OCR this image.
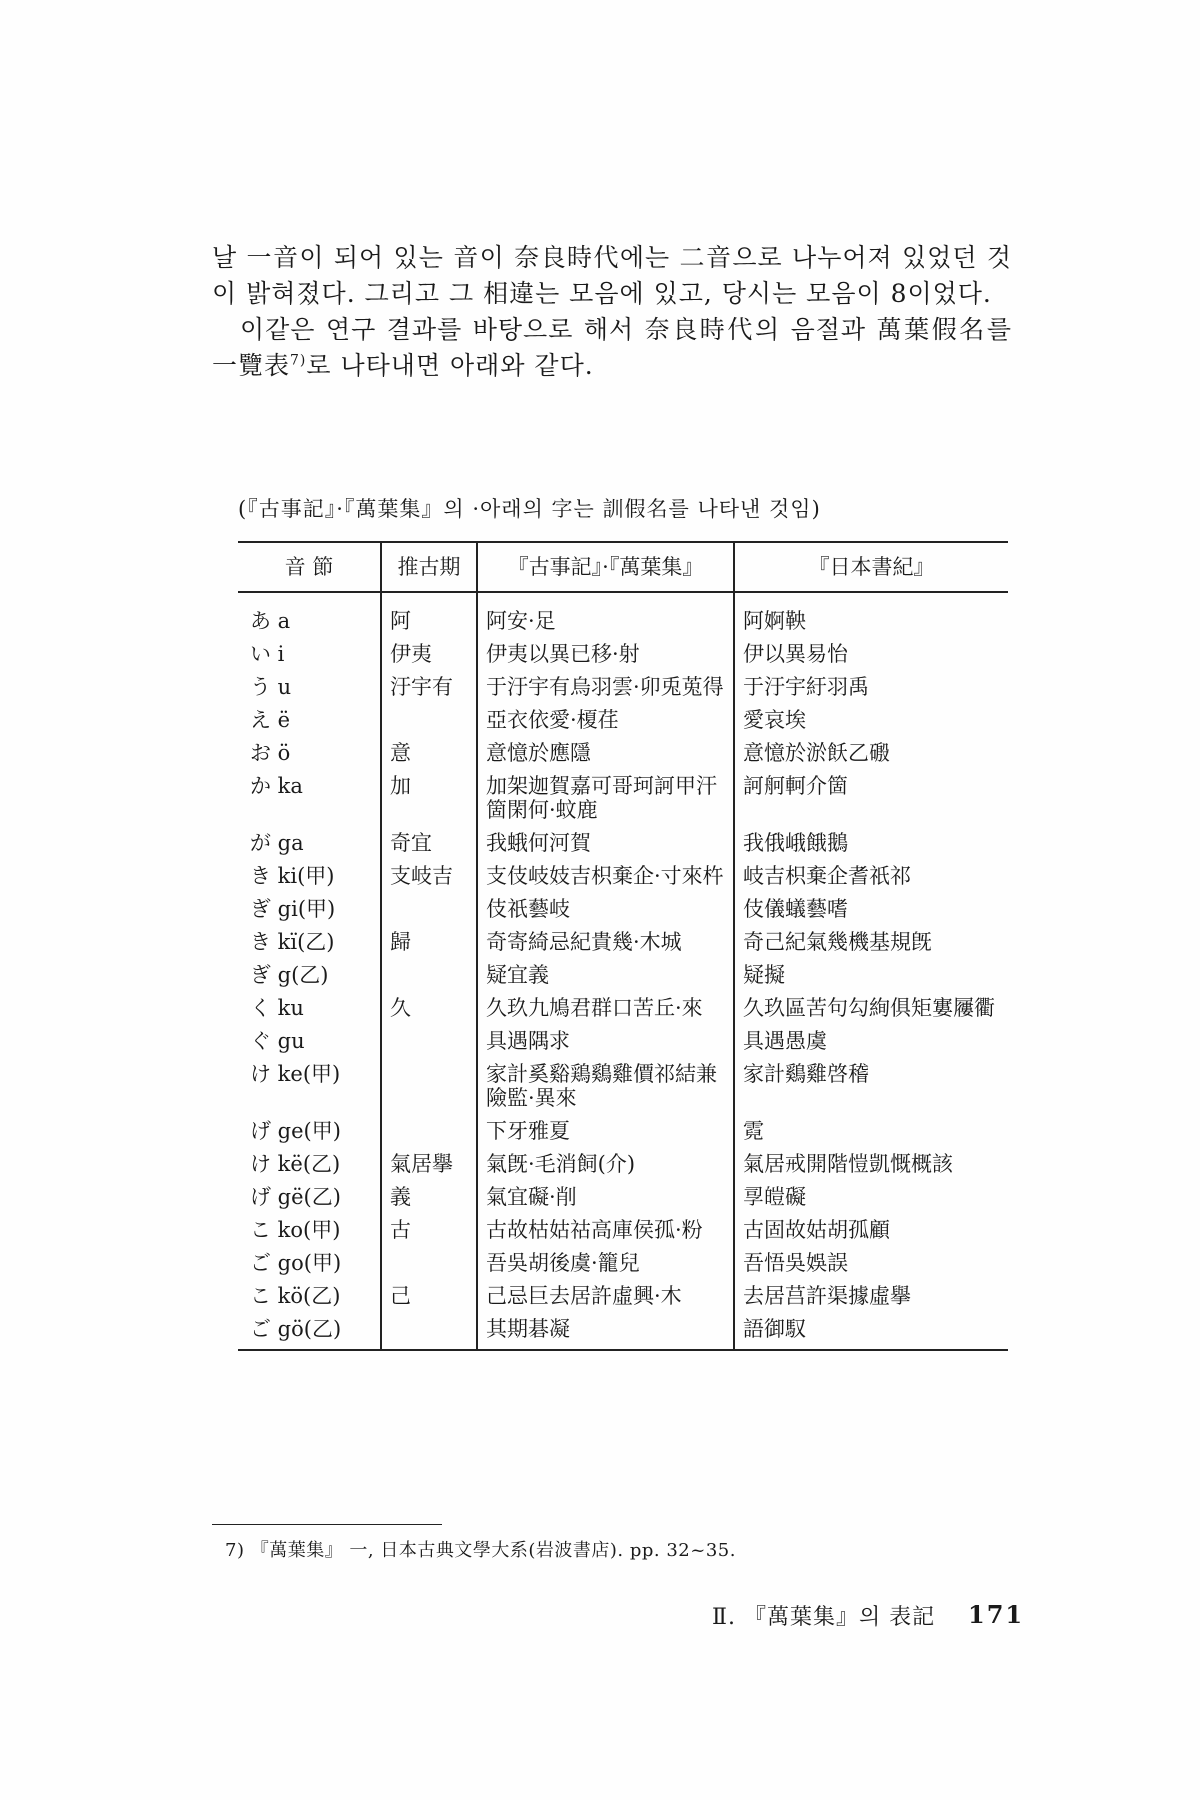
날 一音이 되어 있는 音이 奈良時代에는 二音으로 나누어져 있었던 것이 밝혀졌다. 그리고 그 相違는 모음에 있고, 당시는 모음이 8이었다.

이같은 연구 결과를 바탕으로 해서 奈良時代의 음절과 萬葉假名를 一覽表$^{7)}$로 나타내면 아래와 같다.

(『古事記』·『萬葉集』의 ·아래의 字는 訓假名를 나타낸 것임)
音 節	推古期	『古事記』·『萬葉集』	『日本書紀』
あ a	阿	阿安·足	阿婀鞅
い i	伊夷	伊夷以異已移·射	伊以異易怡
う u	汙宇有	于汙宇有烏羽雲·卯兎莵得	于汙宇紆羽禹
え ë		亞衣依愛·榎荏	愛哀埃
お ö	意	意憶於應隱	意憶於淤飫乙磤
か ka	加	加架迦賀嘉可哥珂訶甲汗箇閑何·蚊鹿	訶舸軻介箇
が ga	奇宜	我蛾何河賀	我俄峨餓鵝
き ki(甲)	支岐吉	支伎岐妓吉枳棄企·寸來杵	岐吉枳棄企耆祇祁
ぎ gi(甲)		伎祇藝岐	伎儀蟻藝嗜
き kï(乙)	歸	奇寄綺忌紀貴幾·木城	奇己紀氣幾機基規旣
ぎ g(乙)		疑宜義	疑擬
く ku	久	久玖九鳩君群口苦丘·來	久玖區苦句勾絢俱矩寠屨衢
ぐ gu		具遇隅求	具遇愚虞
け ke(甲)		家計奚谿鶏鷄雞價祁結兼險監·異來	家計鷄雞啓稽
げ ge(甲)		下牙雅夏	霓
け kë(乙)	氣居擧	氣旣·毛消飼(介)	氣居戒開階愷凱慨概該
げ gë(乙)	義	氣宜礙·削	孠皚礙
こ ko(甲)	古	古故枯姑祜高庫侯孤·粉	古固故姑胡孤顧
ご go(甲)		吾吳胡後虞·籠兒	吾悟吳娛誤
こ kö(乙)	己	己忌巨去居許虛興·木	去居莒許渠據虛擧
ご gö(乙)		其期碁凝	語御馭
7) 『萬葉集』 一, 日本古典文學大系(岩波書店). pp. 32~35.
Ⅱ. 『萬葉集』의 表記 171
